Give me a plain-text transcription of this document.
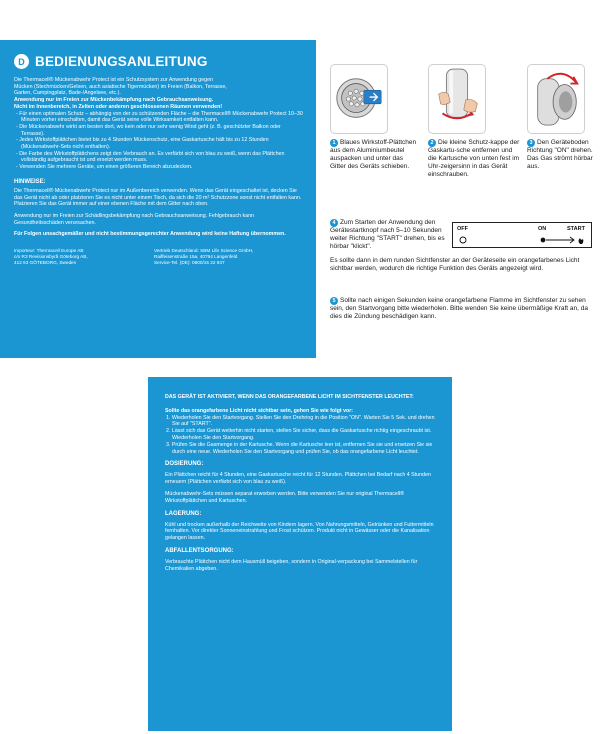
D BEDIENUNGSANLEITUNG
Die Thermacell® Mückenabwehr Protect ist ein Schutzsystem zur Anwendung gegen
Mücken (Stechmücken/Gelsen, auch asiatische Tigermücken) im Freien (Balkon, Terrasse,
Garten, Campingplatz, Bade-/Angelsee, etc.).
Anwendung nur im Freien zur Mückenbekämpfung nach Gebrauchsanweisung.
Nicht im Innenbereich, in Zelten oder anderen geschlossenen Räumen verwenden!
- Für einen optimalen Schutz – abhängig von der zu schützenden Fläche – die Thermacell® Mückenabwehr Protect 10–30 Minuten vorher einschalten, damit das Gerät seine volle Wirksamkeit entfalten kann.
- Die Mückenabwehr wirkt am besten dort, wo kein oder nur sehr wenig Wind geht (z. B. geschützter Balkon oder Terrasse).
- Jedes Wirkstoffplättchen bietet bis zu 4 Stunden Mückenschutz, eine Gaskartusche hält bis zu 12 Stunden (Mückenabwehr-Sets nicht enthalten).
- Die Farbe des Wirkstoffplättchens zeigt den Verbrauch an. Es verfärbt sich von blau zu weiß, wenn das Plättchen vollständig aufgebraucht ist und ersetzt werden muss.
- Verwenden Sie mehrere Geräte, um einen größeren Bereich abzudecken.
HINWEISE:
Die Thermacell® Mückenabwehr Protect nur im Außenbereich verwenden. Wenn das Gerät eingeschaltet ist, decken Sie das Gerät nicht ab oder platzieren Sie es nicht unter einem Tisch, da sich die 20 m² Schutzzone sonst nicht entfalten kann. Platzieren Sie das Gerät immer auf einer ebenen Fläche mit dem Gitter nach oben.
Anwendung nur im Freien zur Schädlingsbekämpfung nach Gebrauchsanweisung. Fehlgebrauch kann Gesundheitsschäden verursachen.
Für Folgen unsachgemäßer und nicht bestimmungsgerechter Anwendung wird keine Haftung übernommen.
Importeur: Thermacell Europe AB
c/o R3 Revisionsbyrå Göteborg AB,
412 63 GÖTEBORG, Sweden
Vertrieb Deutschland: SBM Life Science GmbH,
Raiffeisenstraße 15a, 40764 Langenfeld
Service-Tel. (DE): 0800/15 22 937
1 Blaues Wirkstoff-Plättchen aus dem Aluminiumbeutel auspacken und unter das Gitter des Geräts schieben.
2 Die kleine Schutz-kappe der Gaskartu-sche entfernen und die Kartusche von unten fest im Uhr-zeigersinn in das Gerät einschrauben.
3 Den Geräteboden Richtung "ON" drehen. Das Gas strömt hörbar aus.
4 Zum Starten der Anwendung den Gerätestartknopf nach 5–10 Sekunden weiter Richtung "START" drehen, bis es hörbar "klickt".
OFF	ON	START
Es sollte dann in dem runden Sichtfenster an der Geräteseite ein orangefarbenes Licht sichtbar werden, wodurch die richtige Funktion des Geräts angezeigt wird.
5 Sollte nach einigen Sekunden keine orangefarbene Flamme im Sichtfenster zu sehen sein, den Startvorgang bitte wiederholen. Bitte wenden Sie keine übermäßige Kraft an, da dies die Zündung beschädigen kann.
DAS GERÄT IST AKTIVIERT, WENN DAS ORANGEFARBENE LICHT IM SICHTFENSTER LEUCHTET:
Sollte das orangefarbene Licht nicht sichtbar sein, gehen Sie wie folgt vor:
1. Wiederholen Sie den Startvorgang. Stellen Sie den Drehring in die Position "ON". Warten Sie 5 Sek. und drehen Sie auf "START".
2. Lässt sich das Gerät weiterhin nicht starten, stellen Sie sicher, dass die Gaskartusche richtig eingeschraubt ist. Wiederholen Sie den Startvorgang.
3. Prüfen Sie die Gasmenge in der Kartusche. Wenn die Kartusche leer ist, entfernen Sie sie und ersetzen Sie sie durch eine neue. Wiederholen Sie den Startvorgang und prüfen Sie, ob das orangefarbene Licht leuchtet.
DOSIERUNG:
Ein Plättchen reicht für 4 Stunden, eine Gaskartusche reicht für 12 Stunden. Plättchen bei Bedarf nach 4 Stunden erneuern (Plättchen verfärbt sich von blau zu weiß).
Mückenabwehr-Sets müssen separat erworben werden. Bitte verwenden Sie nur original Thermacell® Wirkstoffplättchen und Kartuschen.
LAGERUNG:
Kühl und trocken außerhalb der Reichweite von Kindern lagern. Von Nahrungsmitteln, Getränken und Futtermitteln fernhalten. Vor direkter Sonneneinstrahlung und Frost schützen. Produkt nicht in Gewässer oder die Kanalisation gelangen lassen.
ABFALLENTSORGUNG:
Verbrauchte Plättchen nicht dem Hausmüll beigeben, sondern in Original-verpackung bei Sammelstellen für Chemikalien abgeben.
